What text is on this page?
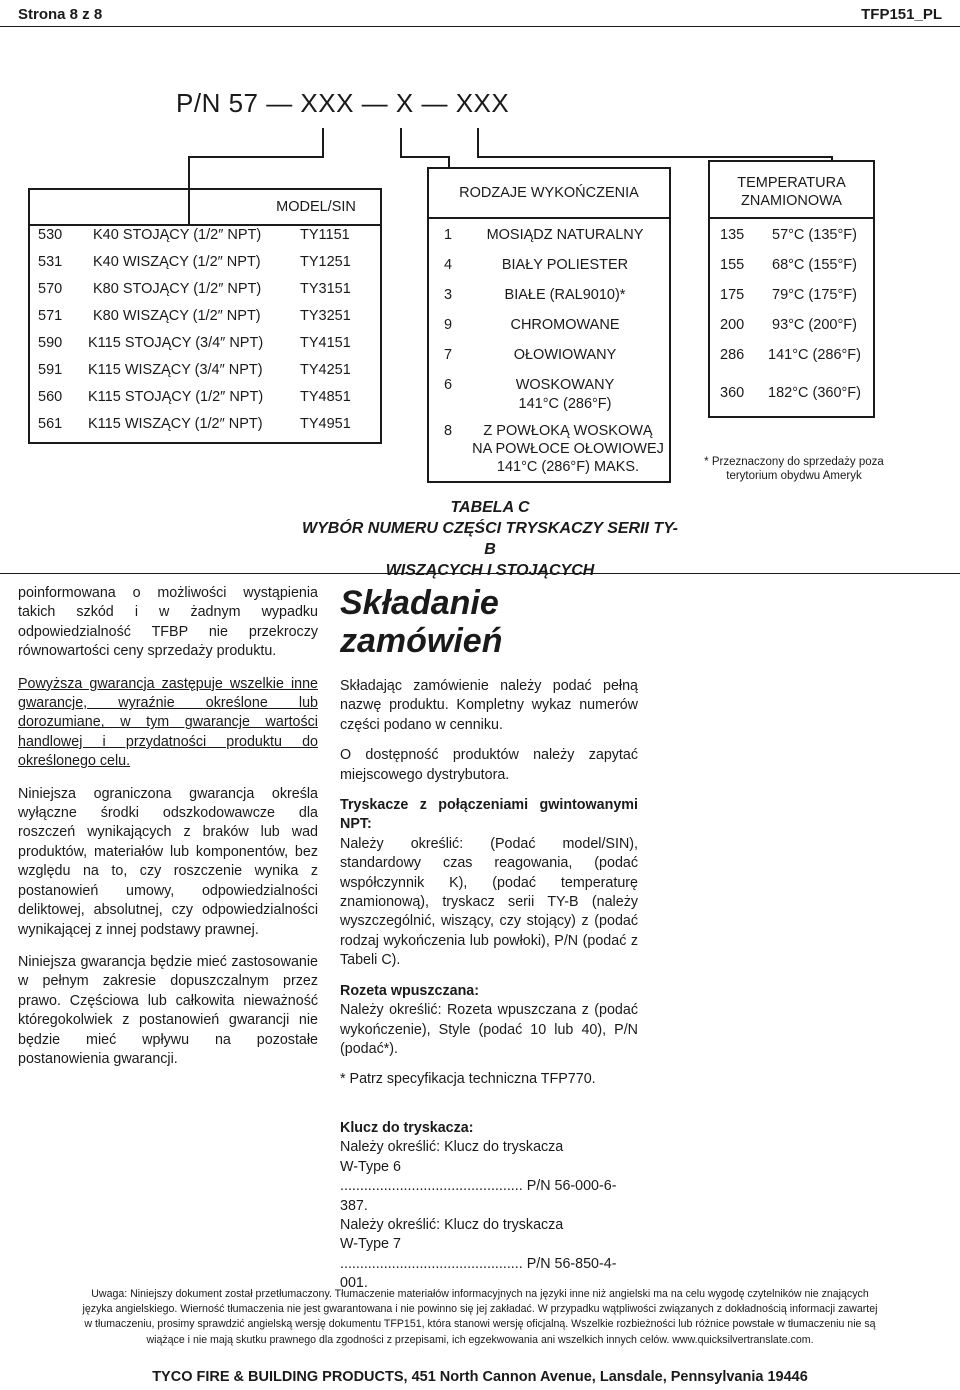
Strona 8 z 8	TFP151_PL
P/N 57 — XXX — X — XXX
MODEL/SIN
530 K40 STOJĄCY (1/2″ NPT)	TY1151
531 K40 WISZĄCY (1/2″ NPT)	TY1251
570 K80 STOJĄCY (1/2″ NPT)	TY3151
571 K80 WISZĄCY (1/2″ NPT)	TY3251
590 K115 STOJĄCY (3/4″ NPT)	TY4151
591 K115 WISZĄCY (3/4″ NPT)	TY4251
560 K115 STOJĄCY (1/2″ NPT)	TY4851
561 K115 WISZĄCY (1/2″ NPT)	TY4951
RODZAJE WYKOŃCZENIA
1	MOSIĄDZ NATURALNY
4	BIAŁY POLIESTER
3	BIAŁE (RAL9010)*
9	CHROMOWANE
7	OŁOWIOWANY
6	WOSKOWANY
141°C (286°F)
8	Z POWŁOKĄ WOSKOWĄ
NA POWŁOCE OŁOWIOWEJ
141°C (286°F) MAKS.
TEMPERATURA
ZNAMIONOWA
135 57°C (135°F)
155 68°C (155°F)
175 79°C (175°F)
200 93°C (200°F)
286 141°C (286°F)
360 182°C (360°F)
* Przeznaczony do sprzedaży poza
terytorium obydwu Ameryk
TABELA C
WYBÓR NUMERU CZĘŚCI TRYSKACZY SERII TY-B
WISZĄCYCH I STOJĄCYCH

poinformowana o możliwości wystąpienia takich szkód i w żadnym wypadku odpowiedzialność TFBP nie przekroczy równowartości ceny sprzedaży produktu.

Powyższa gwarancja zastępuje wszelkie inne gwarancje, wyraźnie określone lub dorozumiane, w tym gwarancje wartości handlowej i przydatności produktu do określonego celu.

Niniejsza ograniczona gwarancja określa wyłączne środki odszkodowawcze dla roszczeń wynikających z braków lub wad produktów, materiałów lub komponentów, bez względu na to, czy roszczenie wynika z postanowień umowy, odpowiedzialności deliktowej, absolutnej, czy odpowiedzialności wynikającej z innej podstawy prawnej.

Niniejsza gwarancja będzie mieć zastosowanie w pełnym zakresie dopuszczalnym przez prawo. Częściowa lub całkowita nieważność któregokolwiek z postanowień gwarancji nie będzie mieć wpływu na pozostałe postanowienia gwarancji.

Składanie
zamówień

Składając zamówienie należy podać pełną nazwę produktu. Kompletny wykaz numerów części podano w cenniku.

O dostępność produktów należy zapytać miejscowego dystrybutora.

Tryskacze z połączeniami gwintowanymi NPT:

Należy określić: (Podać model/SIN), standardowy czas reagowania, (podać współczynnik K), (podać temperaturę znamionową), tryskacz serii TY-B (należy wyszczególnić, wiszący, czy stojący) z (podać rodzaj wykończenia lub powłoki), P/N (podać z Tabeli C).

Rozeta wpuszczana:

Należy określić: Rozeta wpuszczana z (podać wykończenie), Style (podać 10 lub 40), P/N (podać*).

* Patrz specyfikacja techniczna TFP770.

Klucz do tryskacza:
Należy określić: Klucz do tryskacza
W-Type 6
.............................................. P/N 56-000-6-387.
Należy określić: Klucz do tryskacza
W-Type 7
.............................................. P/N 56-850-4-001.
Uwaga: Niniejszy dokument został przetłumaczony. Tłumaczenie materiałów informacyjnych na języki inne niż angielski ma na celu wygodę czytelników nie znających
języka angielskiego. Wierność tłumaczenia nie jest gwarantowana i nie powinno się jej zakładać. W przypadku wątpliwości związanych z dokładnością informacji zawartej
w tłumaczeniu, prosimy sprawdzić angielską wersję dokumentu TFP151, która stanowi wersję oficjalną. Wszelkie rozbieżności lub różnice powstałe w tłumaczeniu nie są
wiążące i nie mają skutku prawnego dla zgodności z przepisami, ich egzekwowania ani wszelkich innych celów. www.quicksilvertranslate.com.
TYCO FIRE & BUILDING PRODUCTS, 451 North Cannon Avenue, Lansdale, Pennsylvania 19446
